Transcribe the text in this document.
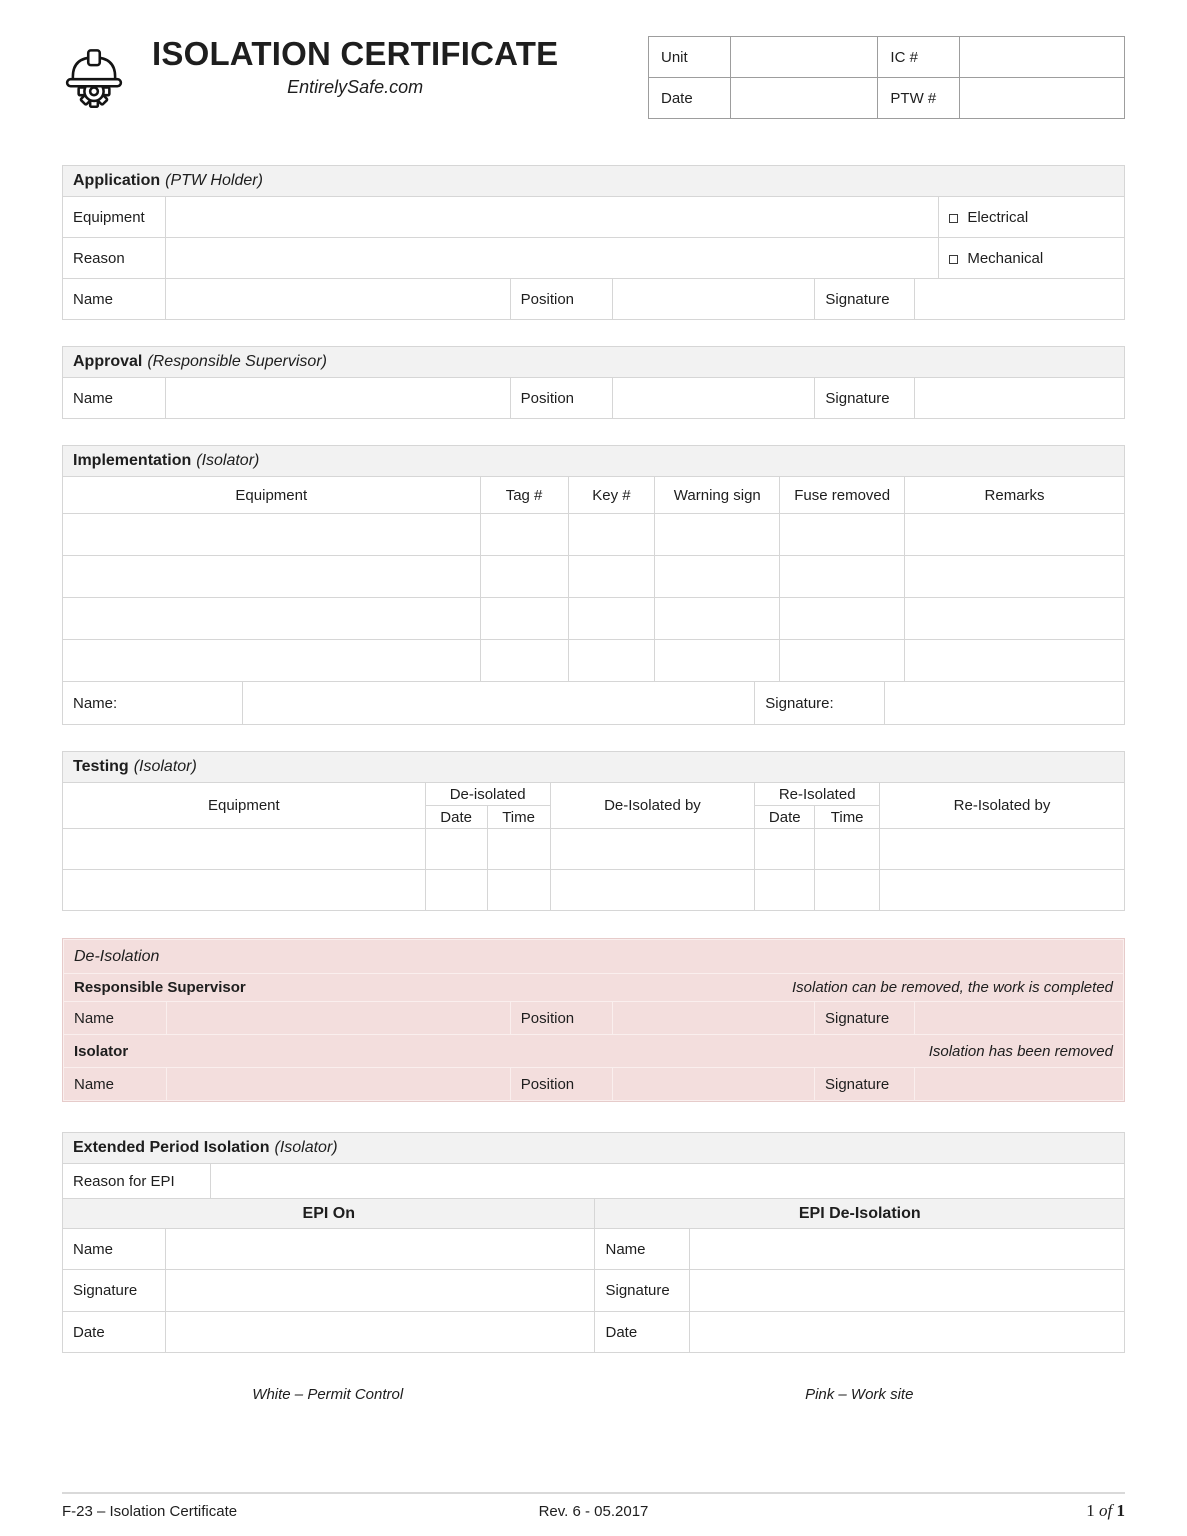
ISOLATION CERTIFICATE
EntirelySafe.com
Unit		IC #	
Date		PTW #	
Application (PTW Holder)						
Equipment						Electrical
Reason						Mechanical
Name		Position		Signature		
Approval (Responsible Supervisor)
Name		Position		Signature	
Implementation (Isolator)								
Equipment		Tag #	Key #	Warning sign		Fuse removed		Remarks

Name:					Signature:			
Testing (Isolator)						
Equipment	De-isolated		De-Isolated by	Re-Isolated		Re-Isolated by
	Date	Time		Date	Time	

De-Isolation					

Responsible Supervisor Isolation can be removed, the work is completed					

Name		Position		Signature	

Isolator Isolation has been removed					

Name		Position		Signature	
Extended Period Isolation (Isolator)				
Reason for EPI				
EPI On			EPI De-Isolation	
Name			Name	
Signature			Signature	
Date			Date	
White – Permit Control	Pink – Work site
F-23 – Isolation Certificate	Rev. 6 - 05.2017	1 of 1
